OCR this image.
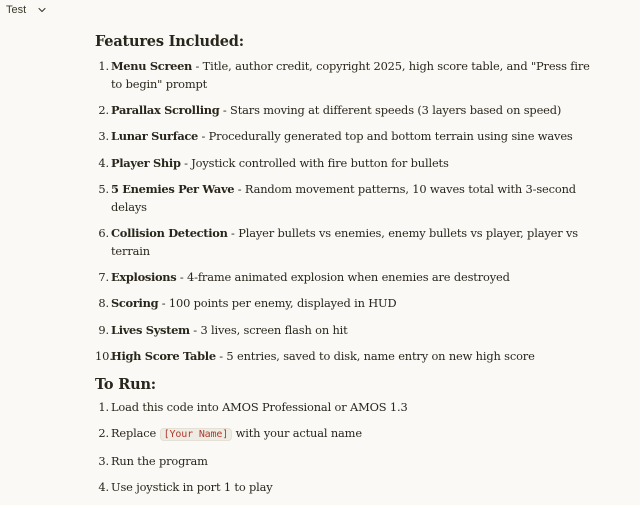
Test
Features Included:
1. Menu Screen - Title, author credit, copyright 2025, high score table, and "Press fire to begin" prompt
2. Parallax Scrolling - Stars moving at different speeds (3 layers based on speed)
3. Lunar Surface - Procedurally generated top and bottom terrain using sine waves
4. Player Ship - Joystick controlled with fire button for bullets
5. 5 Enemies Per Wave - Random movement patterns, 10 waves total with 3-second delays
6. Collision Detection - Player bullets vs enemies, enemy bullets vs player, player vs terrain
7. Explosions - 4-frame animated explosion when enemies are destroyed
8. Scoring - 100 points per enemy, displayed in HUD
9. Lives System - 3 lives, screen flash on hit
10.
High Score Table - 5 entries, saved to disk, name entry on new high score
To Run:
1. Load this code into AMOS Professional or AMOS 1.3
2. Replace [Your Name] with your actual name
3. Run the program
4. Use joystick in port 1 to play
